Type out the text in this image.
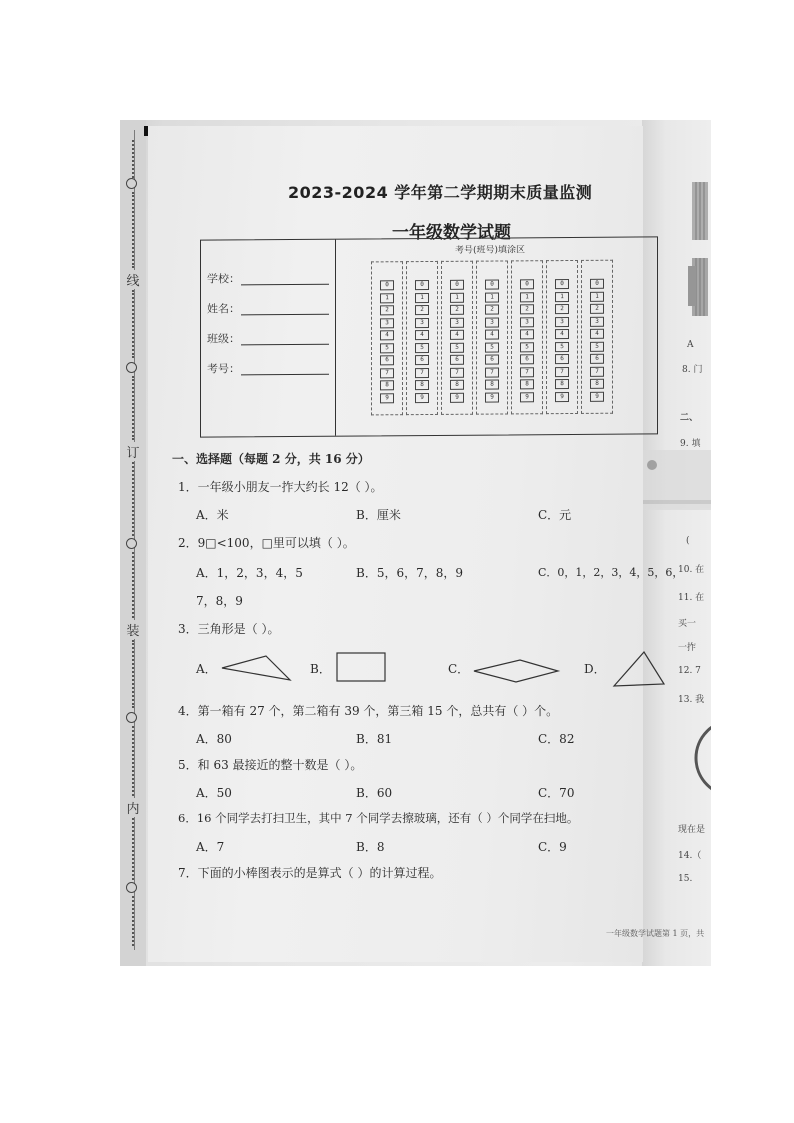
A
8. 门
二、
9. 填
(
10. 在
11. 在
买一
一拃
12. 7
13. 我
现在是
14.（
15.
线
订
装
内
2023-2024 学年第二学期期末质量监测
一年级数学试题
学校：
姓名：
班级：
考号：
考号(班号)填涂区
0
1
2
3
4
5
6
7
8
9
0
1
2
3
4
5
6
7
8
9
0
1
2
3
4
5
6
7
8
9
0
1
2
3
4
5
6
7
8
9
0
1
2
3
4
5
6
7
8
9
0
1
2
3
4
5
6
7
8
9
0
1
2
3
4
5
6
7
8
9
一、选择题（每题 2 分，共 16 分）
1．一年级小朋友一拃大约长 12（ ）。
A．米	B．厘米	C．元
2．9□<100，□里可以填（ ）。
A．1，2，3，4，5	B．5，6，7，8，9	C．0，1，2，3，4，5，6，
7，8，9
3．三角形是（ ）。
A．	B．	C．	D．
4．第一箱有 27 个，第二箱有 39 个，第三箱 15 个，总共有（ ）个。
A．80	B．81	C．82
5．和 63 最接近的整十数是（ ）。
A．50	B．60	C．70
6．16 个同学去打扫卫生，其中 7 个同学去擦玻璃，还有（ ）个同学在扫地。
A．7	B．8	C．9
7．下面的小棒图表示的是算式（ ）的计算过程。
一年级数学试题第 1 页，共
